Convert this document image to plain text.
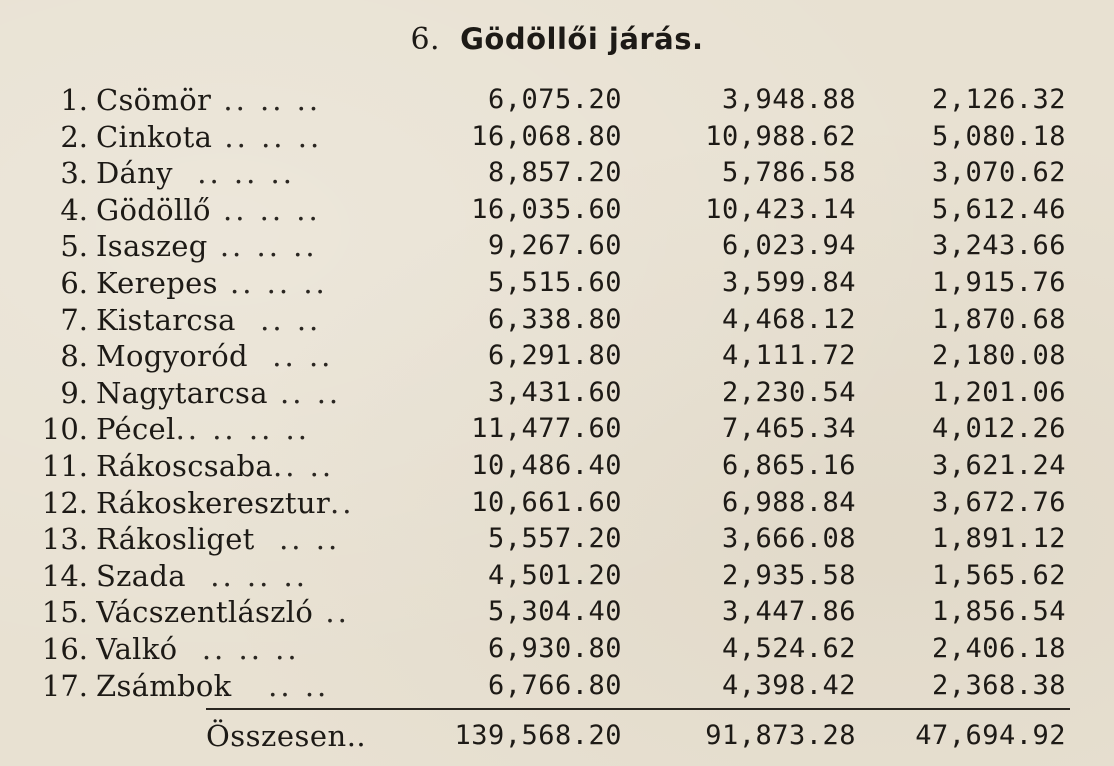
6. Gödöllői járás.
1. Csömör .. .. ..	6,075.20	3,948.88	2,126.32
2. Cinkota .. .. ..	16,068.80	10,988.62	5,080.18
3. Dány  .. .. ..	8,857.20	5,786.58	3,070.62
4. Gödöllő .. .. ..	16,035.60	10,423.14	5,612.46
5. Isaszeg .. .. ..	9,267.60	6,023.94	3,243.66
6. Kerepes .. .. ..	5,515.60	3,599.84	1,915.76
7. Kistarcsa  .. ..	6,338.80	4,468.12	1,870.68
8. Mogyoród  .. ..	6,291.80	4,111.72	2,180.08
9. Nagytarcsa .. ..	3,431.60	2,230.54	1,201.06
10. Pécel.. .. .. ..	11,477.60	7,465.34	4,012.26
11. Rákoscsaba.. ..	10,486.40	6,865.16	3,621.24
12. Rákoskeresztur..	10,661.60	6,988.84	3,672.76
13. Rákosliget  .. ..	5,557.20	3,666.08	1,891.12
14. Szada  .. .. ..	4,501.20	2,935.58	1,565.62
15. Vácszentlászló ..	5,304.40	3,447.86	1,856.54
16. Valkó  .. .. ..	6,930.80	4,524.62	2,406.18
17. Zsámbok   .. ..	6,766.80	4,398.42	2,368.38
Összesen..	139,568.20	91,873.28 47,694.92
